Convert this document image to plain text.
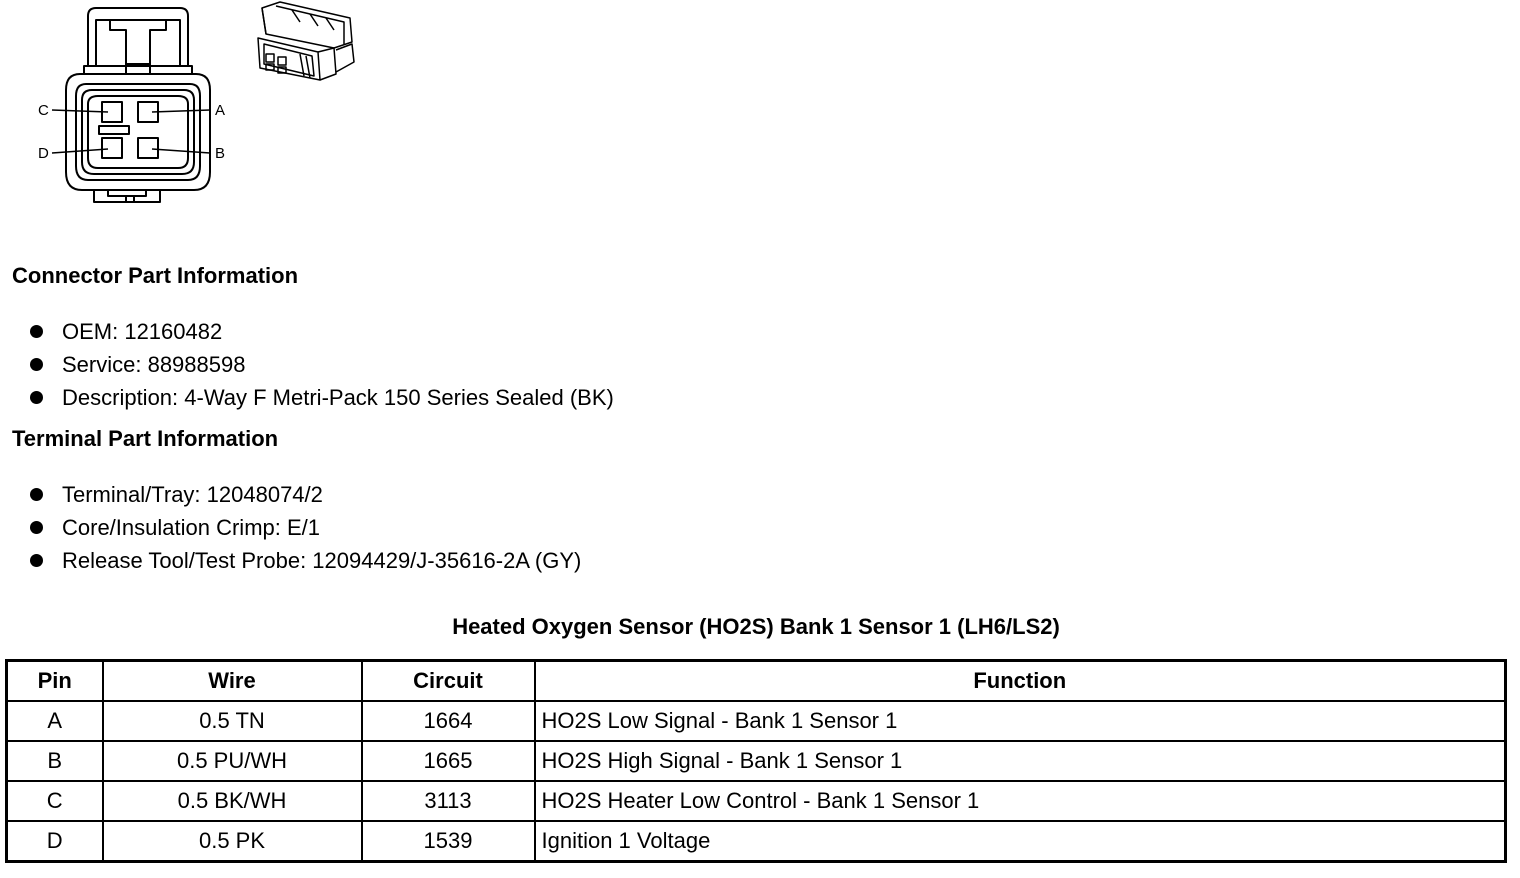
C	A
D	B
Connector Part Information
OEM: 12160482
Service: 88988598
Description: 4-Way F Metri-Pack 150 Series Sealed (BK)
Terminal Part Information
Terminal/Tray: 12048074/2
Core/Insulation Crimp: E/1
Release Tool/Test Probe: 12094429/J-35616-2A (GY)
Heated Oxygen Sensor (HO2S) Bank 1 Sensor 1 (LH6/LS2)
Pin	Wire	Circuit	Function
A	0.5 TN	1664	HO2S Low Signal - Bank 1 Sensor 1
B	0.5 PU/WH	1665	HO2S High Signal - Bank 1 Sensor 1
C	0.5 BK/WH	3113	HO2S Heater Low Control - Bank 1 Sensor 1
D	0.5 PK	1539	Ignition 1 Voltage
